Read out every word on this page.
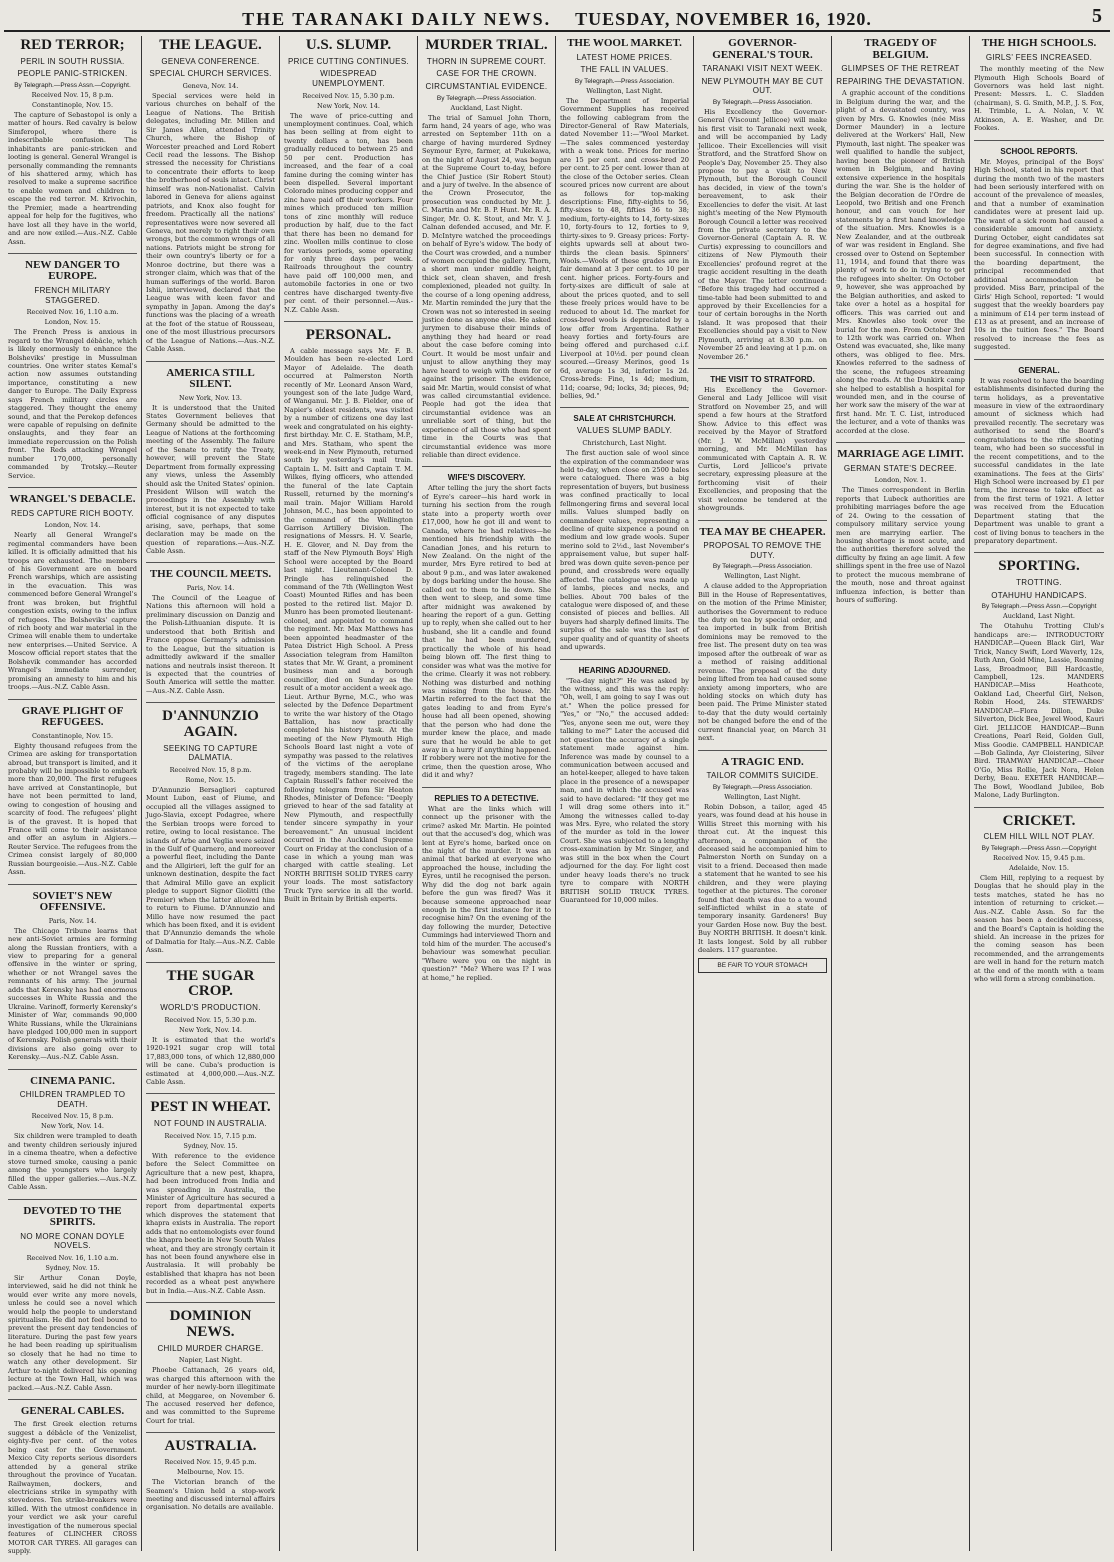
THE TARANAKI DAILY NEWS. TUESDAY, NOVEMBER 16, 1920.	5
RED TERROR;
PERIL IN SOUTH RUSSIA.
PEOPLE PANIC-STRICKEN.
By Telegraph.—Press Assn.—Copyright.
Received Nov. 15, 8 p.m.
Constantinople, Nov. 15.

The capture of Sebastopol is only a matter of hours. Red cavalry is below Simferopol, where there is indescribable confusion. The inhabitants are panic-stricken and looting is general. General Wrangel is personally commanding the remnants of his shattered army, which has resolved to make a supreme sacrifice to enable women and children to escape the red terror. M. Krivochin, the Premier, made a heartrending appeal for help for the fugitives, who have lost all they have in the world, and are now exiled.—Aus.-N.Z. Cable Assn.

NEW DANGER TO EUROPE.
FRENCH MILITARY STAGGERED.
Received Nov. 16, 1.10 a.m.
London, Nov. 15.

The French Press is anxious in regard to the Wrangel débâcle, which is likely enormously to enhance the Bolsheviks' prestige in Mussulman countries. One writer states Kemal's action now assumes outstanding importance, constituting a new danger to Europe. The Daily Express says French military circles are staggered. They thought the enemy sound, and that the Perekop defences were capable of repulsing on definite onslaughts, and they fear an immediate repercussion on the Polish front. The Reds attacking Wrangel number 170,000, personally commanded by Trotsky.—Reuter Service.

WRANGEL'S DEBACLE.
REDS CAPTURE RICH BOOTY.
London, Nov. 14.

Nearly all General Wrangel's regimental commanders have been killed. It is officially admitted that his troops are exhausted. The members of his Government are on board French warships, which are assisting in the evacuation. This was commenced before General Wrangel's front was broken, but frightful congestion exists, owing to the influx of refugees. The Bolsheviks' capture of rich booty and war material in the Crimea will enable them to undertake new enterprises.—United Service. A Moscow official report states that the Bolshevik commander has accorded Wrangel's immediate surrender, promising an amnesty to him and his troops.—Aus.-N.Z. Cable Assn.

GRAVE PLIGHT OF REFUGEES.
Constantinople, Nov. 15.

Eighty thousand refugees from the Crimea are asking for transportation abroad, but transport is limited, and it probably will be impossible to embark more than 20,000. The first refugees have arrived at Constantinople, but have not been permitted to land, owing to congestion of housing and scarcity of food. The refugees' plight is of the gravest. It is hoped that France will come to their assistance and offer an asylum in Algiers.—Reuter Service. The refugees from the Crimea consist largely of 80,000 Russian bourgeoisie.—Aus.-N.Z. Cable Assn.

SOVIET'S NEW OFFENSIVE.
Paris, Nov. 14.

The Chicago Tribune learns that new anti-Soviet armies are forming along the Russian frontiers, with a view to preparing for a general offensive in the winter or spring, whether or not Wrangel saves the remnants of his army. The journal adds that Kerensky has had enormous successes in White Russia and the Ukraine. Varinoff, formerly Kerensky's Minister of War, commands 90,000 White Russians, while the Ukrainians have pledged 100,000 men in support of Kerensky. Polish generals with their divisions are also going over to Kerensky.—Aus.-N.Z. Cable Assn.

CINEMA PANIC.
CHILDREN TRAMPLED TO DEATH.
Received Nov. 15, 8 p.m.
New York, Nov. 14.

Six children were trampled to death and twenty children seriously injured in a cinema theatre, when a defective stove turned smoke, causing a panic among the youngsters who largely filled the upper galleries.—Aus.-N.Z. Cable Assn.

DEVOTED TO THE SPIRITS.
NO MORE CONAN DOYLE NOVELS.
Received Nov. 16, 1.10 a.m.
Sydney, Nov. 15.

Sir Arthur Conan Doyle, interviewed, said he did not think he would ever write any more novels, unless he could see a novel which would help the people to understand spiritualism. He did not feel bound to prevent the present day tendencies of literature. During the past few years he had been reading up spiritualism so closely that he had no time to watch any other development. Sir Arthur to-night delivered his opening lecture at the Town Hall, which was packed.—Aus.-N.Z. Cable Assn.

GENERAL CABLES.

The first Greek election returns suggest a débâcle of the Venizelist, eighty-five per cent. of the votes being cast for the Government. Mexico City reports serious disorders attended by a general strike throughout the province of Yucatan. Railwaymen, dockers, and electricians strike in sympathy with stevedores. Ten strike-breakers were killed. With the utmost confidence in your verdict we ask your careful investigation of the numerous special features of CLINCHER CROSS MOTOR CAR TYRES. All garages can supply.

THE LEAGUE.
GENEVA CONFERENCE.
SPECIAL CHURCH SERVICES.
Geneva, Nov. 14.

Special services were held in various churches on behalf of the League of Nations. The British delegates, including Mr. Millen and Sir James Allen, attended Trinity Church, where the Bishop of Worcester preached and Lord Robert Cecil read the lessons. The Bishop stressed the necessity for Christians to concentrate their efforts to keep the brotherhood of souls intact. Christ himself was non-Nationalist. Calvin labored in Geneva for aliens against patriots, and Knox also fought for freedom. Practically all the nations' representatives were now severed all Geneva, not merely to right their own wrongs, but the common wrongs of all nations. Patriots might be strong for their own country's liberty or for a Monroe doctrine, but there was a stronger claim, which was that of the human sufferings of the world. Baron Ishii, interviewed, declared that the League was with keen favor and sympathy in Japan. Among the day's functions was the placing of a wreath at the foot of the statue of Rousseau, one of the most illustrious precursors of the League of Nations.—Aus.-N.Z. Cable Assn.

AMERICA STILL SILENT.
New York, Nov. 13.

It is understood that the United States Government believes that Germany should be admitted to the League of Nations at the forthcoming meeting of the Assembly. The failure of the Senate to ratify the Treaty, however, will prevent the State Department from formally expressing any views, unless the Assembly should ask the United States' opinion. President Wilson will watch the proceedings in the Assembly with interest, but it is not expected to take official cognisance of any disputes arising, save, perhaps, that some declaration may be made on the question of reparations.—Aus.-N.Z. Cable Assn.

THE COUNCIL MEETS.
Paris, Nov. 14.

The Council of the League of Nations this afternoon will hold a preliminary discussion on Danzig and the Polish-Lithuanian dispute. It is understood that both British and France oppose Germany's admission to the League, but the situation is admittedly awkward if the smaller nations and neutrals insist thereon. It is expected that the countries of South America will settle the matter.—Aus.-N.Z. Cable Assn.

D'ANNUNZIO AGAIN.
SEEKING TO CAPTURE DALMATIA.
Received Nov. 15, 8 p.m.
Rome, Nov. 15.

D'Annunzio Bersaglieri captured Mount Lubon, east of Fiume, and occupied all the villages assigned to Jugo-Slavia, except Podagree, where the Serbian troops were forced to retire, owing to local resistance. The islands of Arbe and Veglia were seized in the Gulf of Quarnero, and moreover a powerful fleet, including the Dante and the Allgirieri, left the gulf for an unknown destination, despite the fact that Admiral Millo gave an explicit pledge to support Signor Giolitti (the Premier) when the latter allowed him to return to Fiume. D'Annunzio and Millo have now resumed the pact which has been fixed, and it is evident that D'Annunzio demands the whole of Dalmatia for Italy.—Aus.-N.Z. Cable Assn.

THE SUGAR CROP.
WORLD'S PRODUCTION.
Received Nov. 15, 5.30 p.m.
New York, Nov. 14.

It is estimated that the world's 1920-1921 sugar crop will total 17,883,000 tons, of which 12,880,000 will be cane. Cuba's production is estimated at 4,000,000.—Aus.-N.Z. Cable Assn.

PEST IN WHEAT.
NOT FOUND IN AUSTRALIA.
Received Nov. 15, 7.15 p.m.
Sydney, Nov. 15.

With reference to the evidence before the Select Committee on Agriculture that a new pest, khapra, had been introduced from India and was spreading in Australia, the Minister of Agriculture has secured a report from departmental experts which disproves the statement that khapra exists in Australia. The report adds that no entomologists ever found the khapra beetle in New South Wales wheat, and they are strongly certain it has not been found anywhere else in Australasia. It will probably be established that khapra has not been recorded as a wheat pest anywhere but in India.—Aus.-N.Z. Cable Assn.

DOMINION NEWS.
CHILD MURDER CHARGE.
Napier, Last Night.

Phoebe Cattanach, 26 years old, was charged this afternoon with the murder of her newly-born illegitimate child, at Meggaree, on November 6. The accused reserved her defence, and was committed to the Supreme Court for trial.

AUSTRALIA.
Received Nov. 15, 9.45 p.m.
Melbourne, Nov. 15.

The Victorian branch of the Seamen's Union held a stop-work meeting and discussed internal affairs organisation. No details are available.

U.S. SLUMP.
PRICE CUTTING CONTINUES.
WIDESPREAD UNEMPLOYMENT.
Received Nov. 15, 5.30 p.m.
New York, Nov. 14.

The wave of price-cutting and unemployment continues. Coal, which has been selling at from eight to twenty dollars a ton, has been gradually reduced to between 25 and 50 per cent. Production has increased, and the fear of a coal famine during the coming winter has been dispelled. Several important Colorado mines producing copper and zinc have paid off their workers. Four mines which produced ten million tons of zinc monthly will reduce production by half, due to the fact that there has been no demand for zinc. Woollen mills continue to close for various periods, some operating for only three days per week. Railroads throughout the country have paid off 100,000 men, and automobile factories in one or two centres have discharged twenty-five per cent. of their personnel.—Aus.-N.Z. Cable Assn.

PERSONAL.

A cable message says Mr. F. B. Moulden has been re-elected Lord Mayor of Adelaide. The death occurred at Palmerston North recently of Mr. Leonard Anson Ward, youngest son of the late Judge Ward, of Wanganui. Mr. J. B. Fielder, one of Napier's oldest residents, was visited by a number of citizens one day last week and congratulated on his eighty-first birthday. Mr. C. E. Statham, M.P., and Mrs. Statham, who spent the week-end in New Plymouth, returned south by yesterday's mail train. Captain L. M. Isitt and Captain T. M. Wilkes, flying officers, who attended the funeral of the late Captain Russell, returned by the morning's mail train. Major William Harold Johnson, M.C., has been appointed to the command of the Wellington Garrison Artillery Division. The resignations of Messrs. H. V. Searle, H. E. Glover, and N. Day from the staff of the New Plymouth Boys' High School were accepted by the Board last night. Lieutenant-Colonel D. Pringle has relinquished the command of the 7th (Wellington West Coast) Mounted Rifles and has been posted to the retired list. Major D. Munro has been promoted lieutenant-colonel, and appointed to command the regiment. Mr. Max Matthews has been appointed headmaster of the Patea District High School. A Press Association telegram from Hamilton states that Mr. W. Grant, a prominent business man and a borough councillor, died on Sunday as the result of a motor accident a week ago. Lieut. Arthur Byrne, M.C., who was selected by the Defence Department to write the war history of the Otago Battalion, has now practically completed his history task. At the meeting of the New Plymouth High Schools Board last night a vote of sympathy was passed to the relatives of the victims of the aeroplane tragedy, members standing. The late Captain Russell's father received the following telegram from Sir Heaton Rhodes, Minister of Defence: "Deeply grieved to hear of the sad fatality at New Plymouth, and respectfully tender sincere sympathy in your bereavement." An unusual incident occurred in the Auckland Supreme Court on Friday at the conclusion of a case in which a young man was charged with cattle stealing. Let NORTH BRITISH SOLID TYRES carry your loads. The most satisfactory Truck Tyre service in all the world. Built in Britain by British experts.

MURDER TRIAL.
THORN IN SUPREME COURT.
CASE FOR THE CROWN.
CIRCUMSTANTIAL EVIDENCE.
By Telegraph.—Press Association.
Auckland, Last Night.

The trial of Samuel John Thorn, farm hand, 24 years of age, who was arrested on September 11th on a charge of having murdered Sydney Seymour Eyre, farmer, at Pukekawa, on the night of August 24, was begun at the Supreme Court to-day, before the Chief Justice (Sir Robert Stout) and a jury of twelve. In the absence of the Crown Prosecutor, the prosecution was conducted by Mr. J. C. Martin and Mr. B. P. Hunt. Mr. R. A. Singer, Mr. O. K. Stout, and Mr. V. J. Calnan defended accused, and Mr. F. D. McIntyre watched the proceedings on behalf of Eyre's widow. The body of the Court was crowded, and a number of women occupied the gallery. Thorn, a short man under middle height, thick set, clean shaven, and fresh complexioned, pleaded not guilty. In the course of a long opening address, Mr. Martin reminded the jury that the Crown was not so interested in seeing justice done as anyone else. He asked jurymen to disabuse their minds of anything they had heard or read about the case before coming into Court. It would be most unfair and unjust to allow anything they may have heard to weigh with them for or against the prisoner. The evidence, said Mr. Martin, would consist of what was called circumstantial evidence. People had got the idea that circumstantial evidence was an unreliable sort of thing, but the experience of all those who had spent time in the Courts was that circumstantial evidence was more reliable than direct evidence.

WIFE'S DISCOVERY.

After telling the jury the short facts of Eyre's career—his hard work in turning his section from the rough state into a property worth over £17,000, how he got ill and went to Canada, where he had relatives—he mentioned his friendship with the Canadian Jones, and his return to New Zealand. On the night of the murder, Mrs Eyre retired to bed at about 9 p.m., and was later awakened by dogs barking under the house. She called out to them to lie down. She then went to sleep, and some time after midnight was awakened by hearing the report of a gun. Getting up to reply, when she called out to her husband, she lit a candle and found that he had been murdered, practically the whole of his head being blown off. The first thing to consider was what was the motive for the crime. Clearly it was not robbery. Nothing was disturbed and nothing was missing from the house. Mr. Martin referred to the fact that the gates leading to and from Eyre's house had all been opened, showing that the person who had done the murder knew the place, and made sure that he would be able to get away in a hurry if anything happened. If robbery were not the motive for the crime, then the question arose, Who did it and why?

REPLIES TO A DETECTIVE.

What are the links which will connect up the prisoner with the crime? asked Mr. Martin. He pointed out that the accused's dog, which was lent at Eyre's home, barked once on the night of the murder. It was an animal that barked at everyone who approached the house, including the Eyres, until he recognised the person. Why did the dog not bark again before the gun was fired? Was it because someone approached near enough in the first instance for it to recognise him? On the evening of the day following the murder, Detective Cummings had interviewed Thorn and told him of the murder. The accused's behaviour was somewhat peculiar. "Where were you on the night in question?" "Me? Where was I? I was at home," he replied.

THE WOOL MARKET.
LATEST HOME PRICES.
THE FALL IN VALUES.
By Telegraph.—Press Association.
Wellington, Last Night.

The Department of Imperial Government Supplies has received the following cablegram from the Director-General of Raw Materials, dated November 11:—"Wool Market.—The sales commenced yesterday with a weak tone. Prices for merino are 15 per cent. and cross-bred 20 per cent. to 25 per cent. lower than at the close of the October series. Clean scoured prices now current are about as follows for top-making descriptions: Fine, fifty-eights to 56, fifty-sixes to 48, fifties 36 to 38; medium, forty-eights to 14, forty-sixes 10, forty-fours to 12, forties to 9, thirty-sixes to 9. Greasy prices: Forty-eights upwards sell at about two-thirds the clean basis. Spinners' Wools.—Wools of these grades are in fair demand at 3 per cent. to 10 per cent. higher prices. Forty-fours and forty-sixes are difficult of sale at about the prices quoted, and to sell these freely prices would have to be reduced to about 1d. The market for cross-bred wools is depreciated by a low offer from Argentina. Rather heavy forties and forty-fours are being offered and purchased c.i.f. Liverpool at 10½d. per pound clean scoured.—Greasy Merinos, good 1s 6d, average 1s 3d, inferior 1s 2d. Cross-breds: Fine, 1s 4d; medium, 11d; coarse, 9d; locks, 3d; pieces, 9d; bellies, 9d."

SALE AT CHRISTCHURCH.
VALUES SLUMP BADLY.
Christchurch, Last Night.

The first auction sale of wool since the expiration of the commandeer was held to-day, when close on 2500 bales were catalogued. There was a big representation of buyers, but business was confined practically to local fellmongering firms and several local mills. Values slumped badly on commandeer values, representing a decline of quite sixpence a pound on medium and low grade wools. Super merino sold to 2½d., last November's appraisement value, but super half-bred was down quite seven-pence per pound, and crossbreds were equally affected. The catalogue was made up of lambs, pieces and necks, and bellies. About 700 bales of the catalogue were disposed of, and these consisted of pieces and bellies. All buyers had sharply defined limits. The surplus of the sale was the last of super quality and of quantity of sheets and upwards.

HEARING ADJOURNED.

"Tea-day night?" He was asked by the witness, and this was the reply: "Oh, well, I am going to say I was out at." When the police pressed for "Yes," or "No," the accused added: "Yes, anyone seen me out, were they talking to me?" Later the accused did not question the accuracy of a single statement made against him. Inference was made by counsel to a communication between accused and an hotel-keeper, alleged to have taken place in the presence of a newspaper man, and in which the accused was said to have declared: "If they get me I will drag some others into it." Among the witnesses called to-day was Mrs. Eyre, who related the story of the murder as told in the lower Court. She was subjected to a lengthy cross-examination by Mr. Singer, and was still in the box when the Court adjourned for the day. For light cost under heavy loads there's no truck tyre to compare with NORTH BRITISH SOLID TRUCK TYRES. Guaranteed for 10,000 miles.

GOVERNOR-GENERAL'S TOUR.
TARANAKI VISIT NEXT WEEK.
NEW PLYMOUTH MAY BE CUT OUT.
By Telegraph.—Press Association.

His Excellency the Governor-General (Viscount Jellicoe) will make his first visit to Taranaki next week, and will be accompanied by Lady Jellicoe. Their Excellencies will visit Stratford, and the Stratford Show on People's Day, November 25. They also propose to pay a visit to New Plymouth, but the Borough Council has decided, in view of the town's bereavement, to ask their Excellencies to defer the visit. At last night's meeting of the New Plymouth Borough Council a letter was received from the private secretary to the Governor-General (Captain A. R. W. Curtis) expressing to councillors and citizens of New Plymouth their Excellencies' profound regret at the tragic accident resulting in the death of the Mayor. The letter continued: "Before this tragedy had occurred a time-table had been submitted to and approved by their Excellencies for a tour of certain boroughs in the North Island. It was proposed that their Excellencies should pay a visit to New Plymouth, arriving at 8.30 p.m. on November 25 and leaving at 1 p.m. on November 26."

THE VISIT TO STRATFORD.

His Excellency the Governor-General and Lady Jellicoe will visit Stratford on November 25, and will spend a few hours at the Stratford Show. Advice to this effect was received by the Mayor of Stratford (Mr. J. W. McMillan) yesterday morning, and Mr. McMillan has communicated with Captain A. R. W. Curtis, Lord Jellicoe's private secretary, expressing pleasure at the forthcoming visit of their Excellencies, and proposing that the visit welcome be tendered at the showgrounds.

TEA MAY BE CHEAPER.
PROPOSAL TO REMOVE THE DUTY.
By Telegraph.—Press Association.
Wellington, Last Night.

A clause added to the Appropriation Bill in the House of Representatives, on the motion of the Prime Minister, authorises the Government to reduce the duty on tea by special order, and tea imported in bulk from British dominions may be removed to the free list. The present duty on tea was imposed after the outbreak of war as a method of raising additional revenue. The proposal of the duty being lifted from tea had caused some anxiety among importers, who are holding stocks on which duty has been paid. The Prime Minister stated to-day that the duty would certainly not be changed before the end of the current financial year, on March 31 next.

A TRAGIC END.
TAILOR COMMITS SUICIDE.
By Telegraph.—Press Association.
Wellington, Last Night.

Robin Dobson, a tailor, aged 45 years, was found dead at his house in Willis Street this morning with his throat cut. At the inquest this afternoon, a companion of the deceased said he accompanied him to Palmerston North on Sunday on a visit to a friend. Deceased then made a statement that he wanted to see his children, and they were playing together at the pictures. The coroner found that death was due to a wound self-inflicted whilst in a state of temporary insanity. Gardeners! Buy your Garden Hose now. Buy the best. Buy NORTH BRITISH. It doesn't kink. It lasts longest. Sold by all rubber dealers. 117 guarantee.

BE FAIR TO YOUR STOMACH
TRAGEDY OF BELGIUM.
GLIMPSES OF THE RETREAT
REPAIRING THE DEVASTATION.

A graphic account of the conditions in Belgium during the war, and the plight of a devastated country, was given by Mrs. G. Knowles (née Miss Dormer Maunder) in a lecture delivered at the Workers' Hall, New Plymouth, last night. The speaker was well qualified to handle the subject, having been the pioneer of British women in Belgium, and having extensive experience in the hospitals during the war. She is the holder of the Belgian decoration de l'Ordre de Leopold, two British and one French honour, and can vouch for her statements by a first hand knowledge of the situation. Mrs. Knowles is a New Zealander, and at the outbreak of war was resident in England. She crossed over to Ostend on September 11, 1914, and found that there was plenty of work to do in trying to get the refugees into shelter. On October 9, however, she was approached by the Belgian authorities, and asked to take over a hotel as a hospital for officers. This was carried out and Mrs. Knowles also took over the burial for the men. From October 3rd to 12th work was carried on. When Ostend was evacuated, she, like many others, was obliged to flee. Mrs. Knowles referred to the sadness of the scene, the refugees streaming along the roads. At the Dunkirk camp she helped to establish a hospital for wounded men, and in the course of her work saw the misery of the war at first hand. Mr. T. C. List, introduced the lecturer, and a vote of thanks was accorded at the close.

MARRIAGE AGE LIMIT.
GERMAN STATE'S DECREE.
London, Nov. 1.

The Times correspondent in Berlin reports that Lubeck authorities are prohibiting marriages before the age of 24. Owing to the cessation of compulsory military service young men are marrying earlier. The housing shortage is most acute, and the authorities therefore solved the difficulty by fixing an age limit. A few shillings spent in the free use of Nazol to protect the mucous membrane of the mouth, nose and throat against influenza infection, is better than hours of suffering.

THE HIGH SCHOOLS.
GIRLS' FEES INCREASED.

The monthly meeting of the New Plymouth High Schools Board of Governors was held last night. Present: Messrs. L. C. Sladden (chairman), S. G. Smith, M.P., J. S. Fox, H. Trimble, L. A. Nolan, V. W. Atkinson, A. E. Washer, and Dr. Fookes.

SCHOOL REPORTS.

Mr. Moyes, principal of the Boys' High School, stated in his report that during the month two of the masters had been seriously interfered with on account of the prevalence of measles, and that a number of examination candidates were at present laid up. The want of a sick room had caused a considerable amount of anxiety. During October, eight candidates sat for degree examinations, and five had been successful. In connection with the boarding department, the principal recommended that additional accommodation be provided. Miss Barr, principal of the Girls' High School, reported: "I would suggest that the weekly boarders pay a minimum of £14 per term instead of £13 as at present, and an increase of 10s in the tuition fees." The Board resolved to increase the fees as suggested.

GENERAL.

It was resolved to have the boarding establishments disinfected during the term holidays, as a preventative measure in view of the extraordinary amount of sickness which had prevailed recently. The secretary was authorised to send the Board's congratulations to the rifle shooting team, who had been so successful in the recent competitions, and to the successful candidates in the late examinations. The fees at the Girls' High School were increased by £1 per term, the increase to take effect as from the first term of 1921. A letter was received from the Education Department stating that the Department was unable to grant a cost of living bonus to teachers in the preparatory department.

SPORTING.
TROTTING.
OTAHUHU HANDICAPS.
By Telegraph.—Press Assn.—Copyright
Auckland, Last Night.

The Otahuhu Trotting Club's handicaps are:— INTRODUCTORY HANDICAP.—Queen Black Girl, War Trick, Nancy Swift, Lord Waverly, 12s, Ruth Ann, Gold Mine, Lassie, Roaming Lass, Broadmoor, Bill Hardcastle, Campbell, 12s. MANDERS HANDICAP.—Miss Heathcote, Oakland Lad, Cheerful Girl, Nelson, Robin Hood, 24s. STEWARDS' HANDICAP.—Flora Dillon, Duke Silverton, Dick Bee, Jewel Wood, Kauri Girl. JELLICOE HANDICAP.—Bunn Creations, Pearl Reid, Golden Gull, Miss Goodie. CAMPBELL HANDICAP.—Bob Galinda, Ayr Cloistering, Silver Bird. TRAMWAY HANDICAP.—Cheer O'Go, Miss Rollie, Jack Nora, Helen Derby, Beau. EXETER HANDICAP.—The Bowl, Woodland Jubilee, Bob Malone, Lady Burlington.

CRICKET.
CLEM HILL WILL NOT PLAY.
By Telegraph.—Press Assn.—Copyright
Received Nov. 15, 9.45 p.m.
Adelaide, Nov. 15.

Clem Hill, replying to a request by Douglas that he should play in the tests matches, stated he has no intention of returning to cricket.—Aus.-N.Z. Cable Assn. So far the season has been a decided success, and the Board's Captain is holding the shield. An increase in the prizes for the coming season has been recommended, and the arrangements are well in hand for the return match at the end of the month with a team who will form a strong combination.
